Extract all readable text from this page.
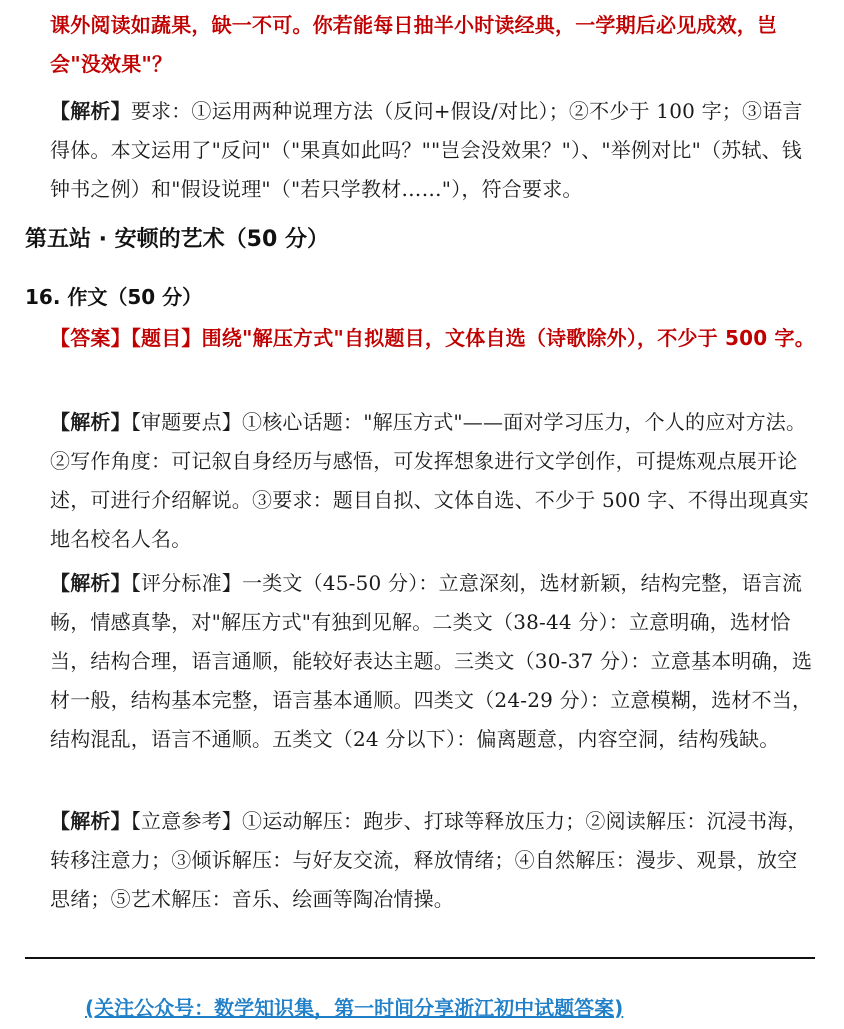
课外阅读如蔬果，缺一不可。你若能每日抽半小时读经典，一学期后必见成效，岂会"没效果"？
【解析】要求：①运用两种说理方法（反问+假设/对比）；②不少于 100 字；③语言得体。本文运用了"反问"（"果真如此吗？""岂会没效果？"）、"举例对比"（苏轼、钱钟书之例）和"假设说理"（"若只学教材……"），符合要求。
第五站 · 安顿的艺术（50 分）
16. 作文（50 分）
【答案】【题目】围绕"解压方式"自拟题目，文体自选（诗歌除外），不少于 500 字。
【解析】【审题要点】①核心话题："解压方式"——面对学习压力，个人的应对方法。②写作角度：可记叙自身经历与感悟，可发挥想象进行文学创作，可提炼观点展开论述，可进行介绍解说。③要求：题目自拟、文体自选、不少于 500 字、不得出现真实地名校名人名。
【解析】【评分标准】一类文（45-50 分）：立意深刻，选材新颖，结构完整，语言流畅，情感真挚，对"解压方式"有独到见解。二类文（38-44 分）：立意明确，选材恰当，结构合理，语言通顺，能较好表达主题。三类文（30-37 分）：立意基本明确，选材一般，结构基本完整，语言基本通顺。四类文（24-29 分）：立意模糊，选材不当，结构混乱，语言不通顺。五类文（24 分以下）：偏离题意，内容空洞，结构残缺。
【解析】【立意参考】①运动解压：跑步、打球等释放压力；②阅读解压：沉浸书海，转移注意力；③倾诉解压：与好友交流，释放情绪；④自然解压：漫步、观景，放空思绪；⑤艺术解压：音乐、绘画等陶冶情操。
(关注公众号：数学知识集，第一时间分享浙江初中试题答案)
